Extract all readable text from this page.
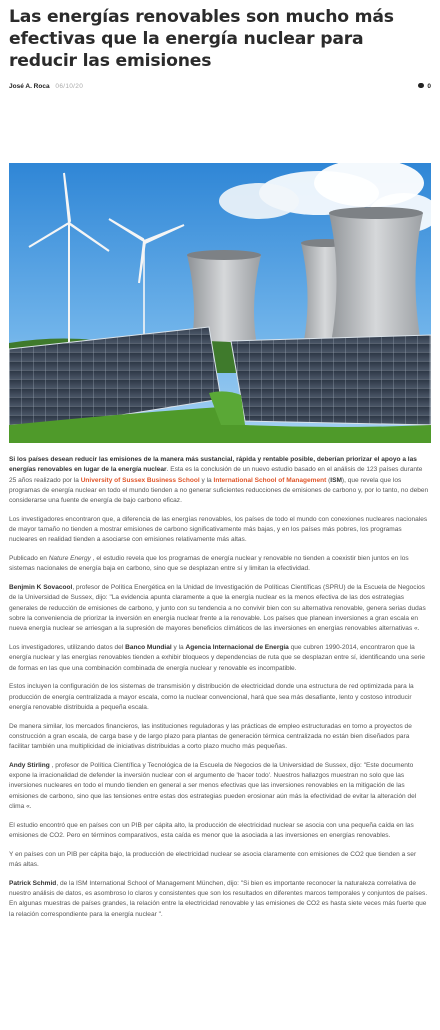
Las energías renovables son mucho más efectivas que la energía nuclear para reducir las emisiones
José A. Roca 06/10/20	0

Si los países desean reducir las emisiones de la manera más sustancial, rápida y rentable posible, deberían priorizar el apoyo a las energías renovables en lugar de la energía nuclear. Esta es la conclusión de un nuevo estudio basado en el análisis de 123 países durante 25 años realizado por la University of Sussex Business School y la International School of Management (ISM), que revela que los programas de energía nuclear en todo el mundo tienden a no generar suficientes reducciones de emisiones de carbono y, por lo tanto, no deben considerarse una fuente de energía de bajo carbono eficaz.

Los investigadores encontraron que, a diferencia de las energías renovables, los países de todo el mundo con conexiones nucleares nacionales de mayor tamaño no tienden a mostrar emisiones de carbono significativamente más bajas, y en los países más pobres, los programas nucleares en realidad tienden a asociarse con emisiones relativamente más altas.

Publicado en Nature Energy , el estudio revela que los programas de energía nuclear y renovable no tienden a coexistir bien juntos en los sistemas nacionales de energía baja en carbono, sino que se desplazan entre sí y limitan la efectividad.

Benjmin K Sovacool, profesor de Política Energética en la Unidad de Investigación de Políticas Científicas (SPRU) de la Escuela de Negocios de la Universidad de Sussex, dijo: "La evidencia apunta claramente a que la energía nuclear es la menos efectiva de las dos estrategias generales de reducción de emisiones de carbono, y junto con su tendencia a no convivir bien con su alternativa renovable, genera serias dudas sobre la conveniencia de priorizar la inversión en energía nuclear frente a la renovable. Los países que planean inversiones a gran escala en nueva energía nuclear se arriesgan a la supresión de mayores beneficios climáticos de las inversiones en energías renovables alternativas «.

Los investigadores, utilizando datos del Banco Mundial y la Agencia Internacional de Energía que cubren 1990-2014, encontraron que la energía nuclear y las energías renovables tienden a exhibir bloqueos y dependencias de ruta que se desplazan entre sí, identificando una serie de formas en las que una combinación combinada de energía nuclear y renovable es incompatible.

Estos incluyen la configuración de los sistemas de transmisión y distribución de electricidad donde una estructura de red optimizada para la producción de energía centralizada a mayor escala, como la nuclear convencional, hará que sea más desafiante, lento y costoso introducir energía renovable distribuida a pequeña escala.

De manera similar, los mercados financieros, las instituciones reguladoras y las prácticas de empleo estructuradas en torno a proyectos de construcción a gran escala, de carga base y de largo plazo para plantas de generación térmica centralizada no están bien diseñados para facilitar también una multiplicidad de iniciativas distribuidas a corto plazo mucho más pequeñas.

Andy Stirling , profesor de Política Científica y Tecnológica de la Escuela de Negocios de la Universidad de Sussex, dijo: "Este documento expone la irracionalidad de defender la inversión nuclear con el argumento de 'hacer todo'. Nuestros hallazgos muestran no solo que las inversiones nucleares en todo el mundo tienden en general a ser menos efectivas que las inversiones renovables en la mitigación de las emisiones de carbono, sino que las tensiones entre estas dos estrategias pueden erosionar aún más la efectividad de evitar la alteración del clima «.

El estudio encontró que en países con un PIB per cápita alto, la producción de electricidad nuclear se asocia con una pequeña caída en las emisiones de CO2. Pero en términos comparativos, esta caída es menor que la asociada a las inversiones en energías renovables.

Y en países con un PIB per cápita bajo, la producción de electricidad nuclear se asocia claramente con emisiones de CO2 que tienden a ser más altas.

Patrick Schmid, de la ISM International School of Management München, dijo: "Si bien es importante reconocer la naturaleza correlativa de nuestro análisis de datos, es asombroso lo claros y consistentes que son los resultados en diferentes marcos temporales y conjuntos de países. En algunas muestras de países grandes, la relación entre la electricidad renovable y las emisiones de CO2 es hasta siete veces más fuerte que la relación correspondiente para la energía nuclear ".
